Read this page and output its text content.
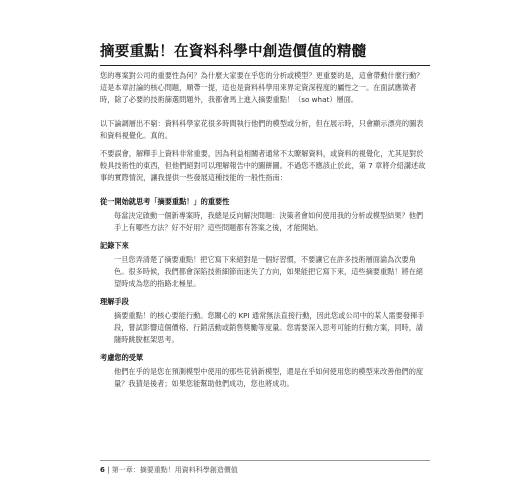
摘要重點！在資料科學中創造價值的精髓

您的專案對公司的重要性為何？為什麼大家要在乎您的分析或模型？更重要的是，這會帶動什麼行動？這是本章討論的核心問題，順帶一提，這也是資料科學用來界定資深程度的屬性之一。在面試應徵者時，除了必要的技術篩選問題外，我都會馬上進入摘要重點！（so what）層面。

以下論調層出不窮：資料科學家花很多時間執行他們的模型或分析，但在展示時，只會顯示漂亮的圖表和資料視覺化。真的。

不要誤會，解釋手上資料非常重要，因為利益相關者通常不太瞭解資料，或資料的視覺化，尤其是對於較具技術性的東西，但他們絕對可以理解報告中的圖餅圖。不過您不應該止於此，第 7 章將介紹講述故事的實際情況，讓我提供一些發展這種技能的一般性指南：

從一開始就思考「摘要重點！」的重要性

每當決定啟動一個新專案時，我總是反向解決問題：決策者會如何使用我的分析或模型結果？他們手上有哪些方法？好不好用？這些問題都有答案之後，才能開始。

記錄下來

一旦您弄清楚了摘要重點！把它寫下來絕對是一個好習慣，不要讓它在許多技術層面淪為次要角色。很多時候，我們都會深陷技術細節而迷失了方向，如果能把它寫下來，這些摘要重點！將在絕望時成為您的指路北極星。

理解手段

摘要重點！的核心要能行動。您關心的 KPI 通常無法直接行動，因此您或公司中的某人需要發揮手段，嘗試影響這個價格、行銷活動或銷售獎勵等度量。您需要深入思考可能的行動方案，同時，請隨時跳脫框架思考。

考慮您的受眾

他們在乎的是您在預測模型中使用的那些花俏新模型，還是在乎如何使用您的模型來改善他們的度量？我猜是後者；如果您能幫助他們成功，您也將成功。

6 | 第一章：摘要重點！用資料科學創造價值
